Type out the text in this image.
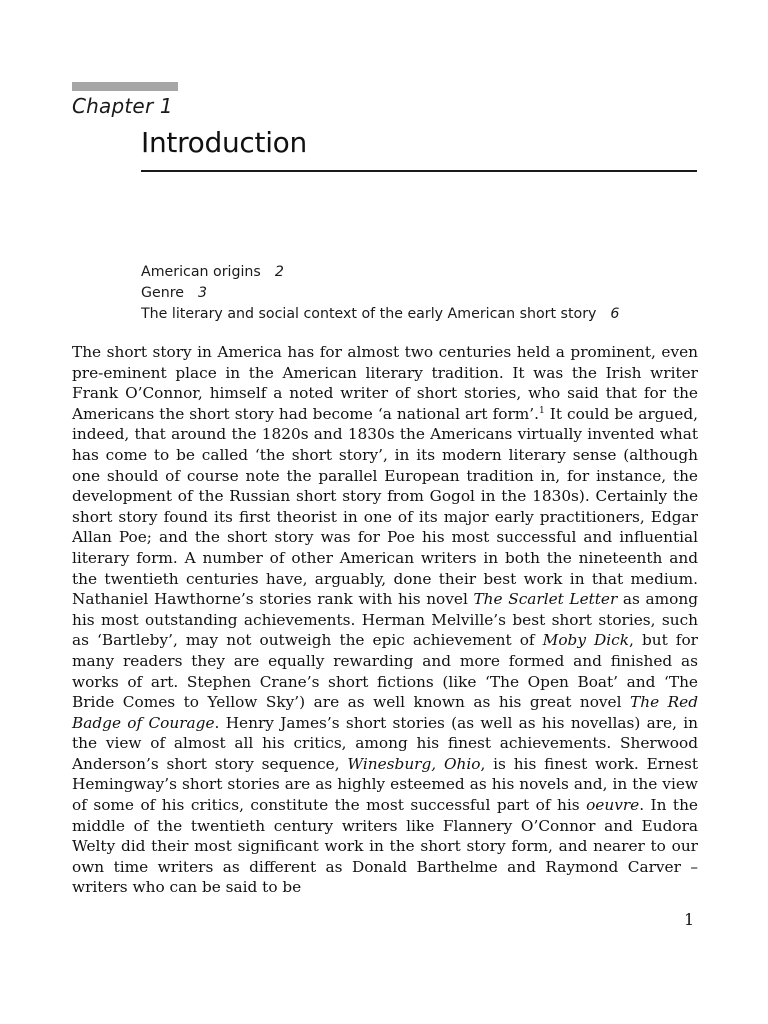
Chapter 1
Introduction
American origins 2
Genre 3
The literary and social context of the early American short story 6

The short story in America has for almost two centuries held a prominent, even pre-eminent place in the American literary tradition. It was the Irish writer Frank O’Connor, himself a noted writer of short stories, who said that for the Americans the short story had become ‘a national art form’.$^1$ It could be argued, indeed, that around the 1820s and 1830s the Americans virtually invented what has come to be called ‘the short story’, in its modern literary sense (although one should of course note the parallel European tradition in, for instance, the development of the Russian short story from Gogol in the 1830s). Certainly the short story found its first theorist in one of its major early practitioners, Edgar Allan Poe; and the short story was for Poe his most successful and influential literary form. A number of other American writers in both the nineteenth and the twentieth centuries have, arguably, done their best work in that medium. Nathaniel Hawthorne’s stories rank with his novel The Scarlet Letter as among his most outstanding achievements. Herman Melville’s best short stories, such as ‘Bartleby’, may not outweigh the epic achievement of Moby Dick, but for many readers they are equally rewarding and more formed and finished as works of art. Stephen Crane’s short fictions (like ‘The Open Boat’ and ‘The Bride Comes to Yellow Sky’) are as well known as his great novel The Red Badge of Courage. Henry James’s short stories (as well as his novellas) are, in the view of almost all his critics, among his finest achievements. Sherwood Anderson’s short story sequence, Winesburg, Ohio, is his finest work. Ernest Hemingway’s short stories are as highly esteemed as his novels and, in the view of some of his critics, constitute the most successful part of his oeuvre. In the middle of the twentieth century writers like Flannery O’Connor and Eudora Welty did their most significant work in the short story form, and nearer to our own time writers as different as Donald Barthelme and Raymond Carver – writers who can be said to be

1
